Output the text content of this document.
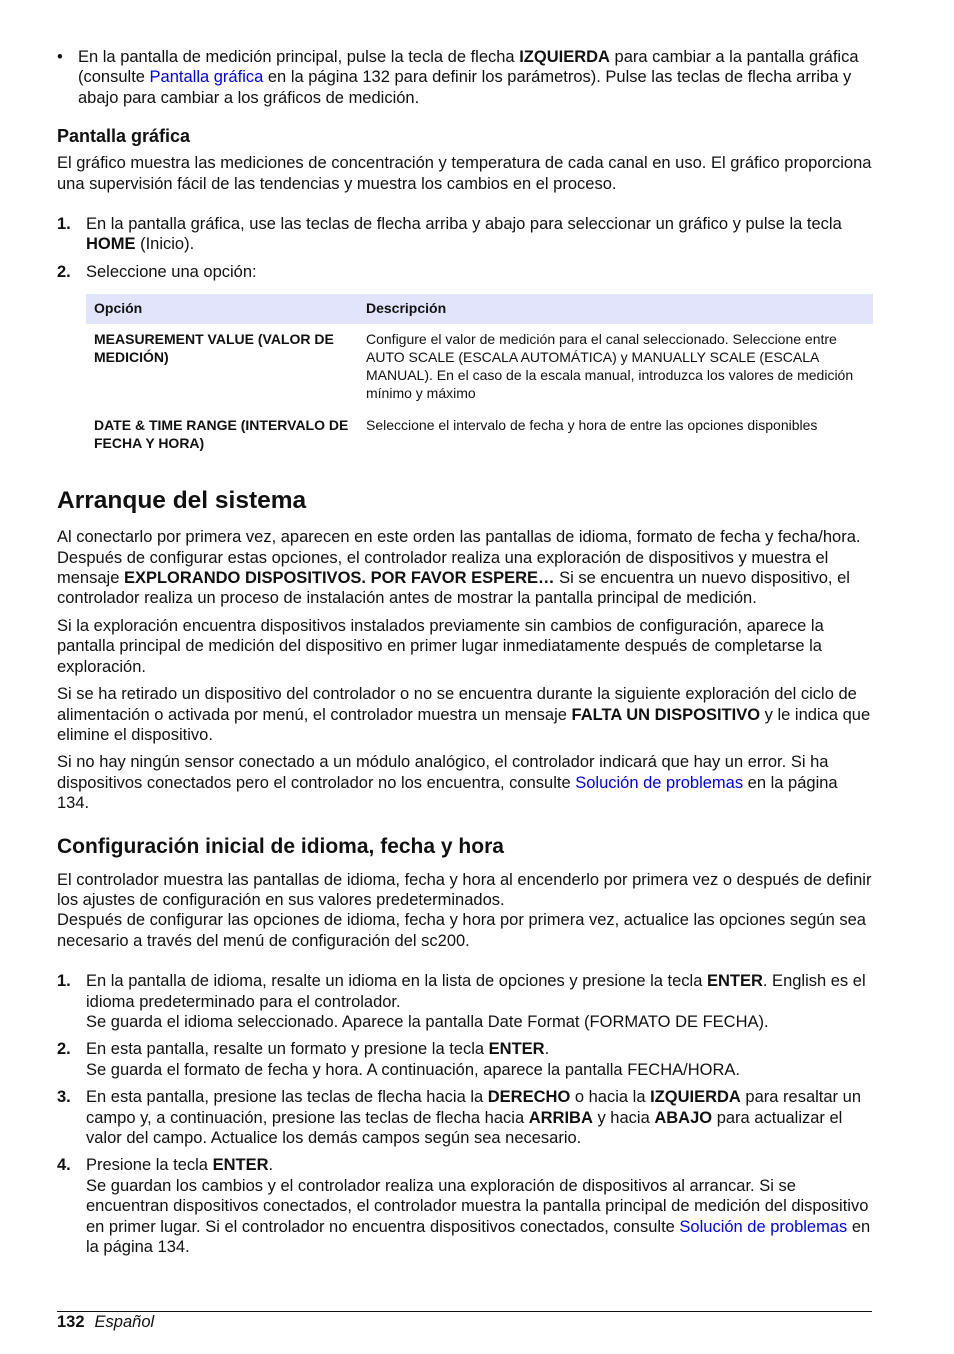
• En la pantalla de medición principal, pulse la tecla de flecha IZQUIERDA para cambiar a la pantalla gráfica (consulte Pantalla gráfica en la página 132 para definir los parámetros). Pulse las teclas de flecha arriba y abajo para cambiar a los gráficos de medición.

Pantalla gráfica

El gráfico muestra las mediciones de concentración y temperatura de cada canal en uso. El gráfico proporciona una supervisión fácil de las tendencias y muestra los cambios en el proceso.

1. En la pantalla gráfica, use las teclas de flecha arriba y abajo para seleccionar un gráfico y pulse la tecla HOME (Inicio).
2. Seleccione una opción:
Opción	Descripción
MEASUREMENT VALUE (VALOR DE MEDICIÓN)	Configure el valor de medición para el canal seleccionado. Seleccione entre AUTO SCALE (ESCALA AUTOMÁTICA) y MANUALLY SCALE (ESCALA MANUAL). En el caso de la escala manual, introduzca los valores de medición mínimo y máximo
DATE & TIME RANGE (INTERVALO DE FECHA Y HORA)	Seleccione el intervalo de fecha y hora de entre las opciones disponibles
Arranque del sistema

Al conectarlo por primera vez, aparecen en este orden las pantallas de idioma, formato de fecha y fecha/hora. Después de configurar estas opciones, el controlador realiza una exploración de dispositivos y muestra el mensaje EXPLORANDO DISPOSITIVOS. POR FAVOR ESPERE… Si se encuentra un nuevo dispositivo, el controlador realiza un proceso de instalación antes de mostrar la pantalla principal de medición.

Si la exploración encuentra dispositivos instalados previamente sin cambios de configuración, aparece la pantalla principal de medición del dispositivo en primer lugar inmediatamente después de completarse la exploración.

Si se ha retirado un dispositivo del controlador o no se encuentra durante la siguiente exploración del ciclo de alimentación o activada por menú, el controlador muestra un mensaje FALTA UN DISPOSITIVO y le indica que elimine el dispositivo.

Si no hay ningún sensor conectado a un módulo analógico, el controlador indicará que hay un error. Si ha dispositivos conectados pero el controlador no los encuentra, consulte Solución de problemas en la página 134.

Configuración inicial de idioma, fecha y hora

El controlador muestra las pantallas de idioma, fecha y hora al encenderlo por primera vez o después de definir los ajustes de configuración en sus valores predeterminados.

Después de configurar las opciones de idioma, fecha y hora por primera vez, actualice las opciones según sea necesario a través del menú de configuración del sc200.

1. En la pantalla de idioma, resalte un idioma en la lista de opciones y presione la tecla ENTER. English es el idioma predeterminado para el controlador.
Se guarda el idioma seleccionado. Aparece la pantalla Date Format (FORMATO DE FECHA).
2. En esta pantalla, resalte un formato y presione la tecla ENTER.
Se guarda el formato de fecha y hora. A continuación, aparece la pantalla FECHA/HORA.
3. En esta pantalla, presione las teclas de flecha hacia la DERECHO o hacia la IZQUIERDA para resaltar un campo y, a continuación, presione las teclas de flecha hacia ARRIBA y hacia ABAJO para actualizar el valor del campo. Actualice los demás campos según sea necesario.
4. Presione la tecla ENTER.
Se guardan los cambios y el controlador realiza una exploración de dispositivos al arrancar. Si se encuentran dispositivos conectados, el controlador muestra la pantalla principal de medición del dispositivo en primer lugar. Si el controlador no encuentra dispositivos conectados, consulte Solución de problemas en la página 134.
132 Español
